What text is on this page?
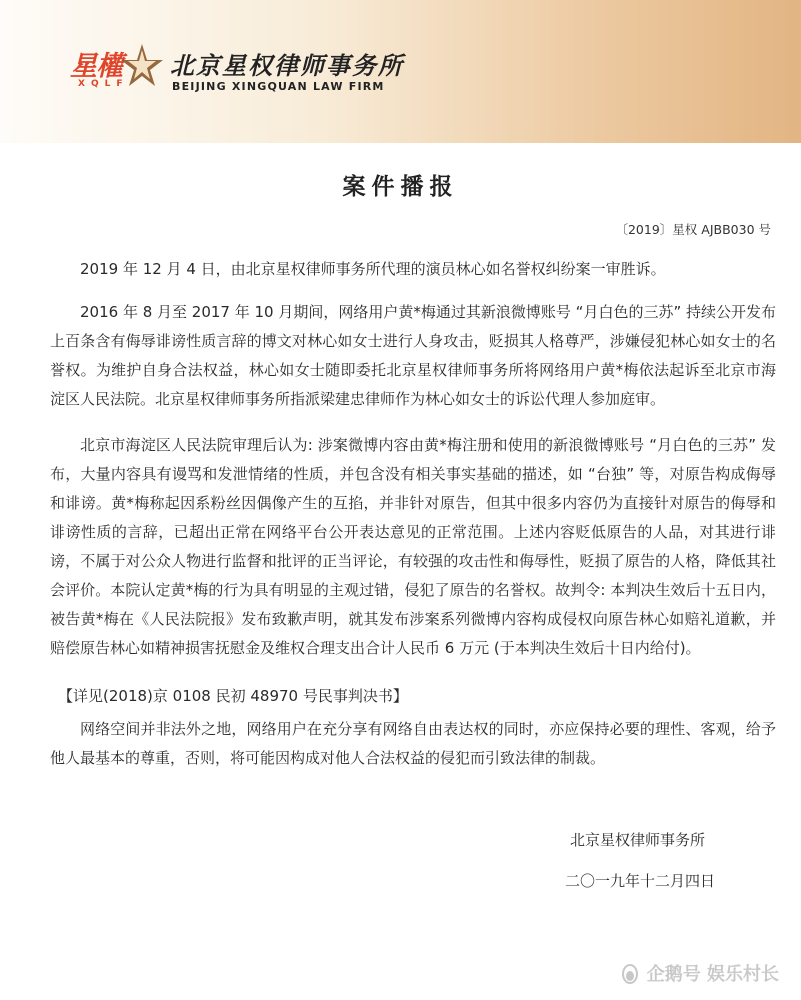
星權
XQLF
北京星权律师事务所
BEIJING XINGQUAN LAW FIRM
案件播报
〔2019〕星权 AJBB030 号

2019 年 12 月 4 日，由北京星权律师事务所代理的演员林心如名誉权纠纷案一审胜诉。

2016 年 8 月至 2017 年 10 月期间，网络用户黄*梅通过其新浪微博账号 “月白色的三苏” 持续公开发布上百条含有侮辱诽谤性质言辞的博文对林心如女士进行人身攻击，贬损其人格尊严，涉嫌侵犯林心如女士的名誉权。为维护自身合法权益，林心如女士随即委托北京星权律师事务所将网络用户黄*梅依法起诉至北京市海淀区人民法院。北京星权律师事务所指派梁建忠律师作为林心如女士的诉讼代理人参加庭审。

北京市海淀区人民法院审理后认为: 涉案微博内容由黄*梅注册和使用的新浪微博账号 “月白色的三苏” 发布，大量内容具有谩骂和发泄情绪的性质，并包含没有相关事实基础的描述，如 “台独” 等，对原告构成侮辱和诽谤。黄*梅称起因系粉丝因偶像产生的互掐，并非针对原告，但其中很多内容仍为直接针对原告的侮辱和诽谤性质的言辞，已超出正常在网络平台公开表达意见的正常范围。上述内容贬低原告的人品，对其进行诽谤，不属于对公众人物进行监督和批评的正当评论，有较强的攻击性和侮辱性，贬损了原告的人格，降低其社会评价。本院认定黄*梅的行为具有明显的主观过错，侵犯了原告的名誉权。故判令: 本判决生效后十五日内，被告黄*梅在《人民法院报》发布致歉声明，就其发布涉案系列微博内容构成侵权向原告林心如赔礼道歉，并赔偿原告林心如精神损害抚慰金及维权合理支出合计人民币 6 万元 (于本判决生效后十日内给付)。

【详见(2018)京 0108 民初 48970 号民事判决书】

网络空间并非法外之地，网络用户在充分享有网络自由表达权的同时，亦应保持必要的理性、客观，给予他人最基本的尊重，否则，将可能因构成对他人合法权益的侵犯而引致法律的制裁。

北京星权律师事务所
二〇一九年十二月四日
企鹅号 娱乐村长
